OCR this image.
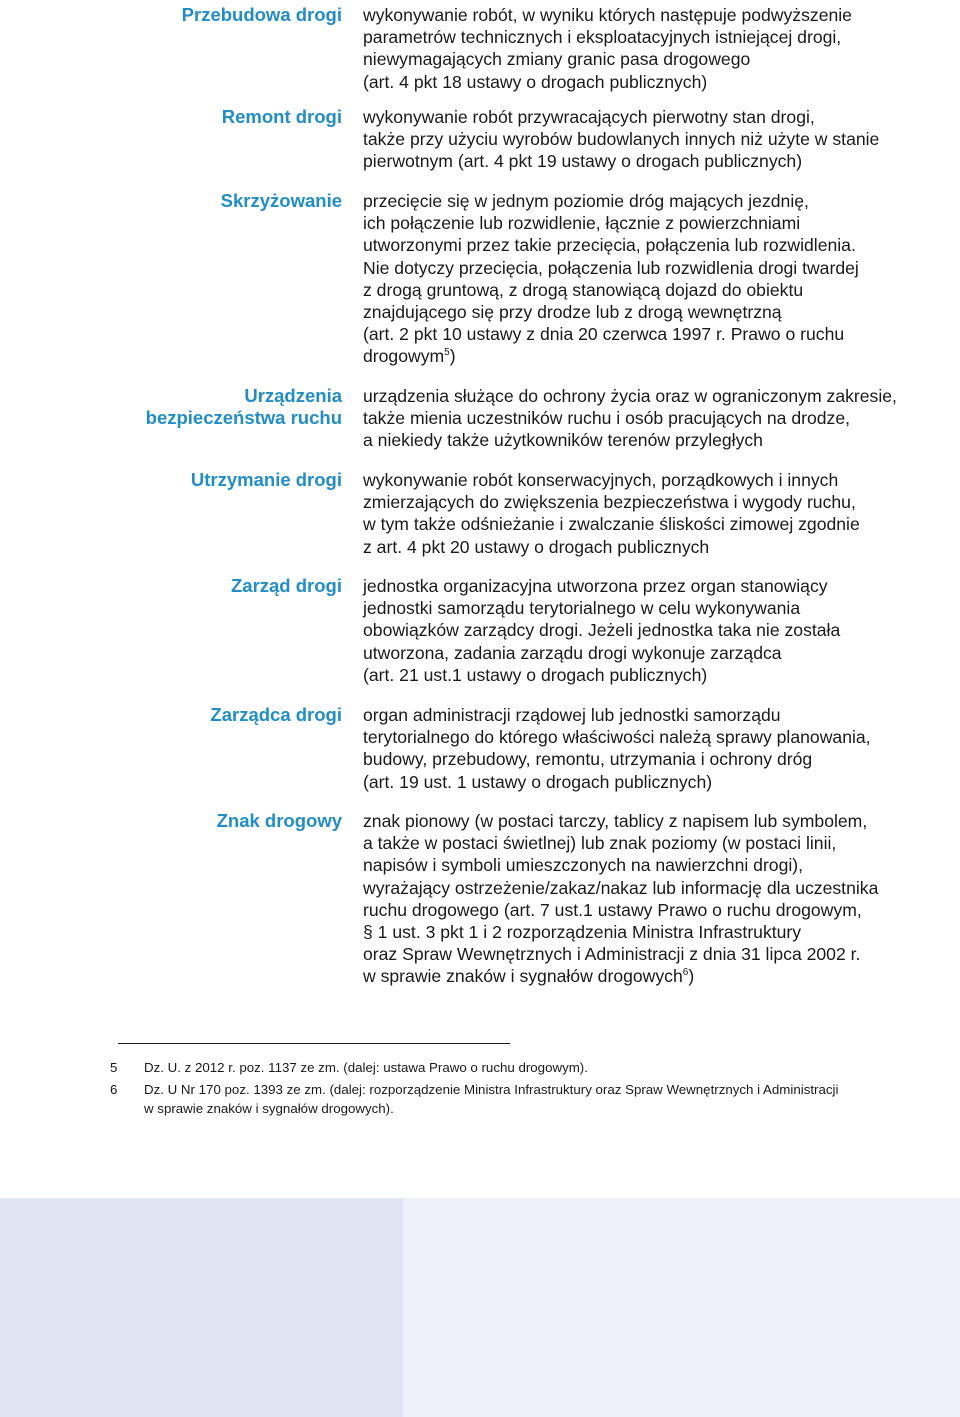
Przebudowa drogi wykonywanie robót, w wyniku których następuje podwyższenie
parametrów technicznych i eksploatacyjnych istniejącej drogi,
niewymagających zmiany granic pasa drogowego
(art. 4 pkt 18 ustawy o drogach publicznych)
Remont drogi wykonywanie robót przywracających pierwotny stan drogi,
także przy użyciu wyrobów budowlanych innych niż użyte w stanie
pierwotnym (art. 4 pkt 19 ustawy o drogach publicznych)
Skrzyżowanie przecięcie się w jednym poziomie dróg mających jezdnię,
ich połączenie lub rozwidlenie, łącznie z powierzchniami
utworzonymi przez takie przecięcia, połączenia lub rozwidlenia.
Nie dotyczy przecięcia, połączenia lub rozwidlenia drogi twardej
z drogą gruntową, z drogą stanowiącą dojazd do obiektu
znajdującego się przy drodze lub z drogą wewnętrzną
(art. 2 pkt 10 ustawy z dnia 20 czerwca 1997 r. Prawo o ruchu
drogowym$^5$)
Urządzenia
bezpieczeństwa ruchu
urządzenia służące do ochrony życia oraz w ograniczonym zakresie,
także mienia uczestników ruchu i osób pracujących na drodze,
a niekiedy także użytkowników terenów przyległych
Utrzymanie drogi wykonywanie robót konserwacyjnych, porządkowych i innych
zmierzających do zwiększenia bezpieczeństwa i wygody ruchu,
w tym także odśnieżanie i zwalczanie śliskości zimowej zgodnie
z art. 4 pkt 20 ustawy o drogach publicznych
Zarząd drogi jednostka organizacyjna utworzona przez organ stanowiący
jednostki samorządu terytorialnego w celu wykonywania
obowiązków zarządcy drogi. Jeżeli jednostka taka nie została
utworzona, zadania zarządu drogi wykonuje zarządca
(art. 21 ust.1 ustawy o drogach publicznych)
Zarządca drogi organ administracji rządowej lub jednostki samorządu
terytorialnego do którego właściwości należą sprawy planowania,
budowy, przebudowy, remontu, utrzymania i ochrony dróg
(art. 19 ust. 1 ustawy o drogach publicznych)
Znak drogowy znak pionowy (w postaci tarczy, tablicy z napisem lub symbolem,
a także w postaci świetlnej) lub znak poziomy (w postaci linii,
napisów i symboli umieszczonych na nawierzchni drogi),
wyrażający ostrzeżenie/zakaz/nakaz lub informację dla uczestnika
ruchu drogowego (art. 7 ust.1 ustawy Prawo o ruchu drogowym,
§ 1 ust. 3 pkt 1 i 2 rozporządzenia Ministra Infrastruktury
oraz Spraw Wewnętrznych i Administracji z dnia 31 lipca 2002 r.
w sprawie znaków i sygnałów drogowych$^6$)
5	Dz. U. z 2012 r. poz. 1137 ze zm. (dalej: ustawa Prawo o ruchu drogowym).
6	Dz. U Nr 170 poz. 1393 ze zm. (dalej: rozporządzenie Ministra Infrastruktury oraz Spraw Wewnętrznych i Administracji
w sprawie znaków i sygnałów drogowych).
